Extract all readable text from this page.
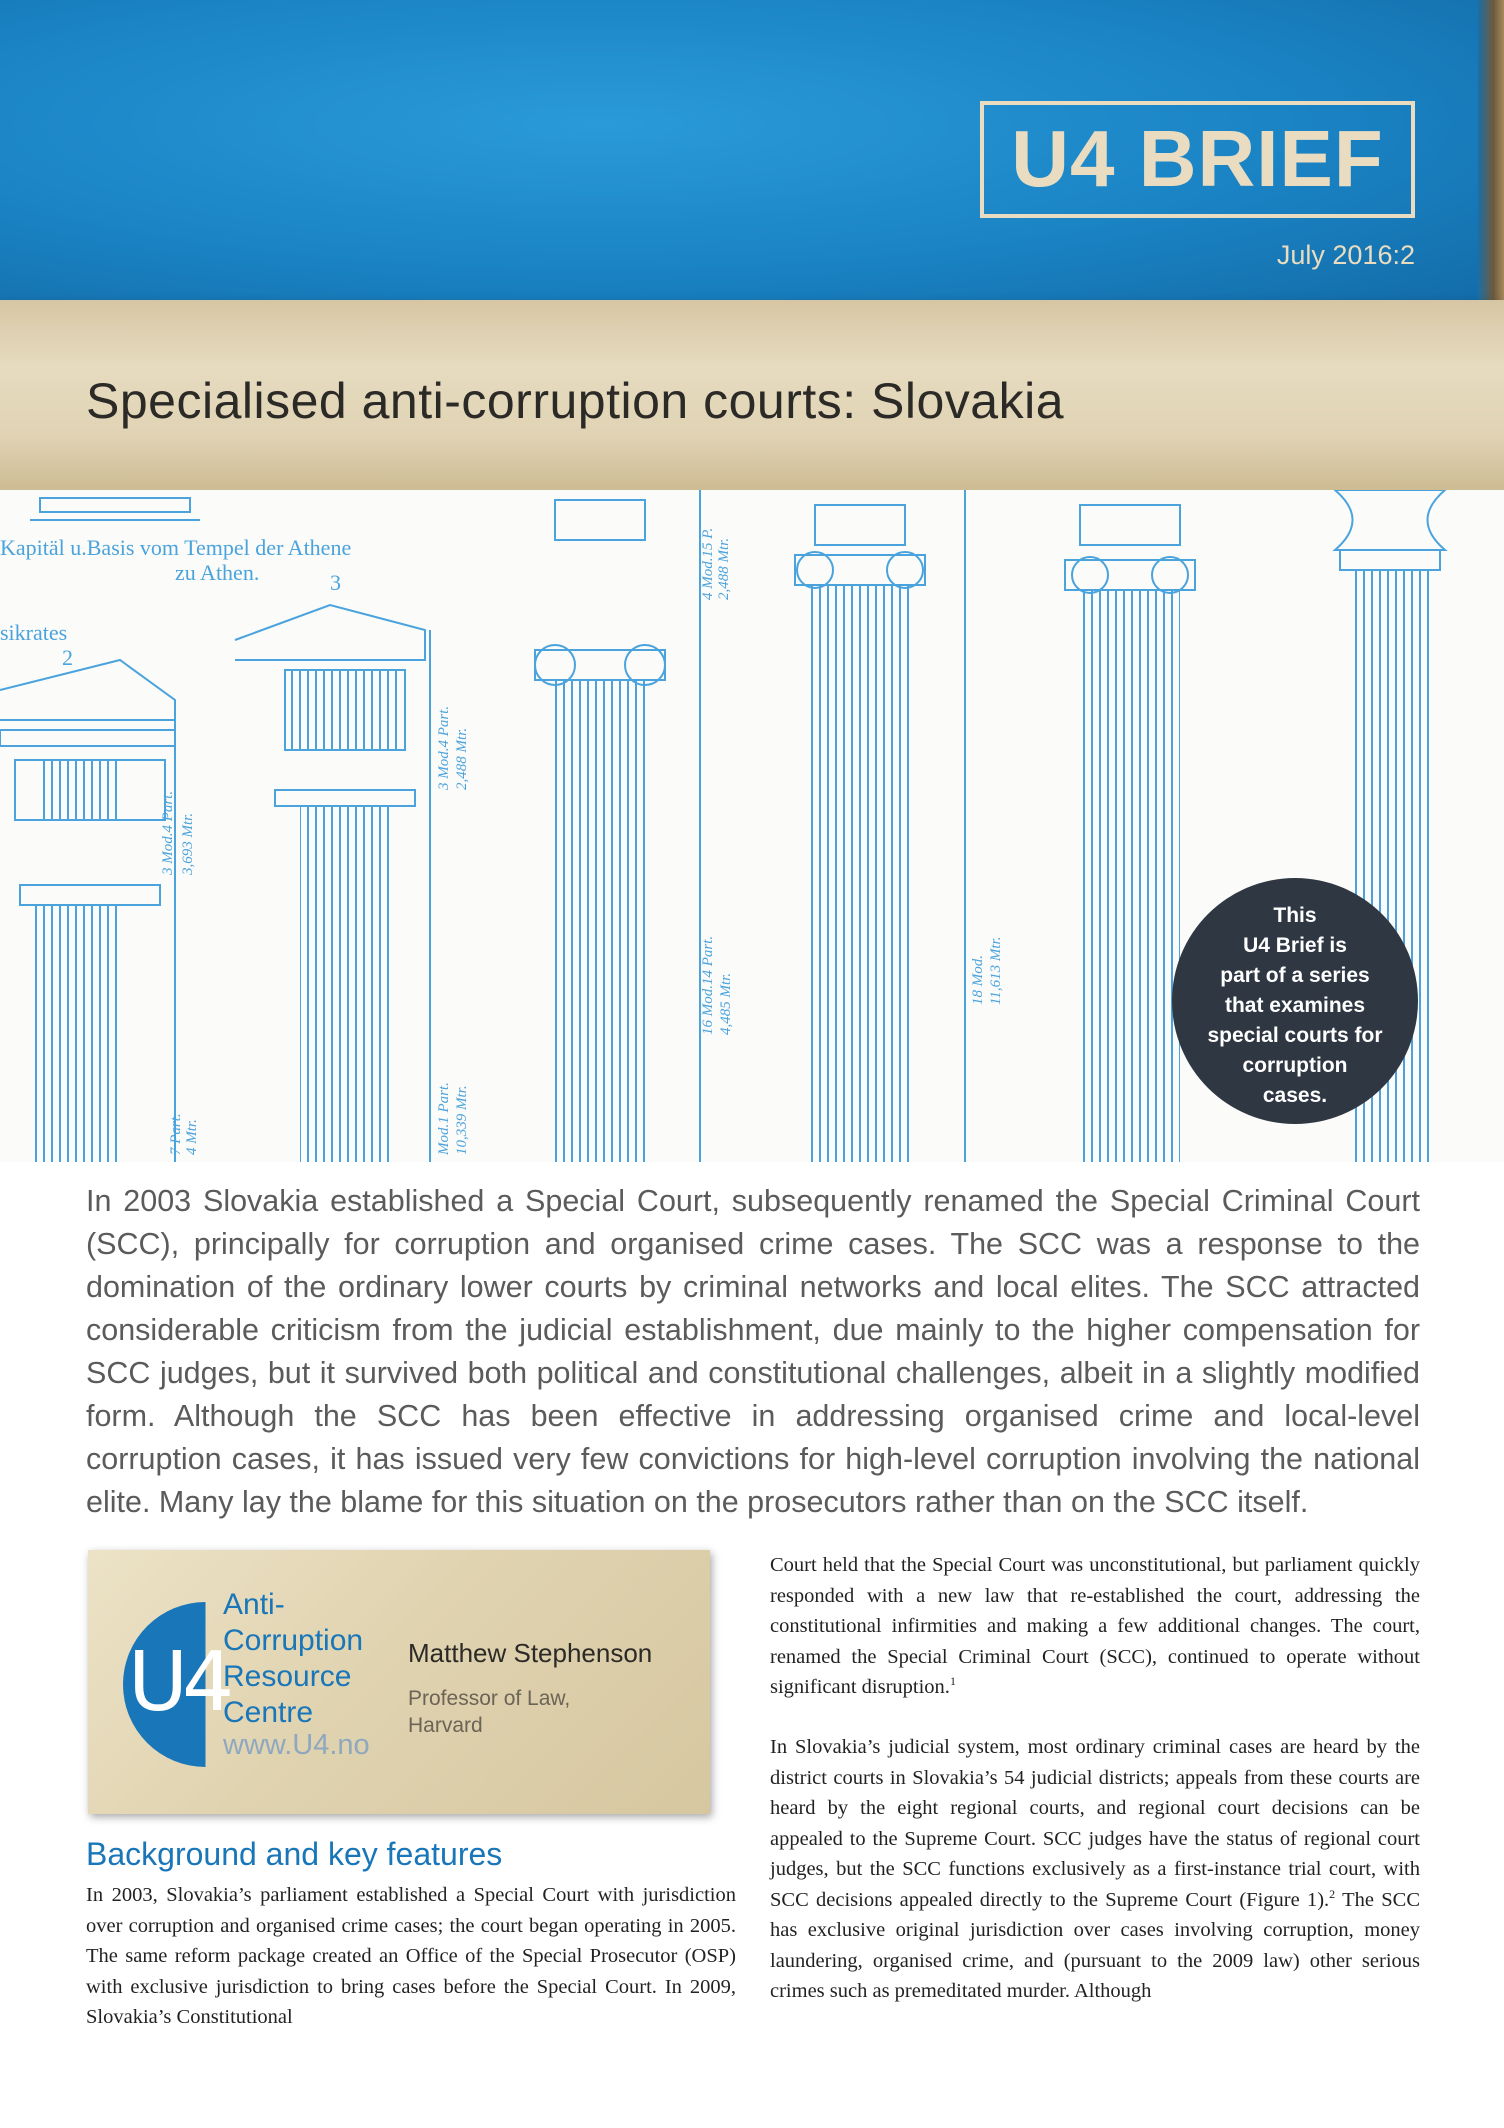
U4 BRIEF
July 2016:2
Specialised anti-corruption courts: Slovakia
Kapitäl u.Basis vom Tempel der Athene
zu Athen.	3
sikrates
2
3 Mod.4 Part. 3,693 Mtr.
3 Mod.4 Part. 2,488 Mtr.
4 Mod.15 P. 2,488 Mtr.
16 Mod.14 Part. 4,485 Mtr.	18 Mod. 11,613 Mtr.
Mod.1 Part. 10,339 Mtr.
7 Part. 4 Mtr.
This
U4 Brief is
part of a series
that examines
special courts for
corruption
cases.

In 2003 Slovakia established a Special Court, subsequently renamed the Special Criminal Court (SCC), principally for corruption and organised crime cases. The SCC was a response to the domination of the ordinary lower courts by criminal networks and local elites. The SCC attracted considerable criticism from the judicial establishment, due mainly to the higher compensation for SCC judges, but it survived both political and constitutional challenges, albeit in a slightly modified form. Although the SCC has been effective in addressing organised crime and local-level corruption cases, it has issued very few convictions for high-level corruption involving the national elite. Many lay the blame for this situation on the prosecutors rather than on the SCC itself.

U4
Anti-
Corruption
Resource
Centre
www.U4.no
Matthew Stephenson
Professor of Law,
Harvard
Background and key features

In 2003, Slovakia’s parliament established a Special Court with jurisdiction over corruption and organised crime cases; the court began operating in 2005. The same reform package created an Office of the Special Prosecutor (OSP) with exclusive jurisdiction to bring cases before the Special Court. In 2009, Slovakia’s Constitutional

Court held that the Special Court was unconstitutional, but parliament quickly responded with a new law that re-established the court, addressing the constitutional infirmities and making a few additional changes. The court, renamed the Special Criminal Court (SCC), continued to operate without significant disruption.$^1$

In Slovakia’s judicial system, most ordinary criminal cases are heard by the district courts in Slovakia’s 54 judicial districts; appeals from these courts are heard by the eight regional courts, and regional court decisions can be appealed to the Supreme Court. SCC judges have the status of regional court judges, but the SCC functions exclusively as a first-instance trial court, with SCC decisions appealed directly to the Supreme Court (Figure 1).$^2$ The SCC has exclusive original jurisdiction over cases involving corruption, money laundering, organised crime, and (pursuant to the 2009 law) other serious crimes such as premeditated murder. Although
